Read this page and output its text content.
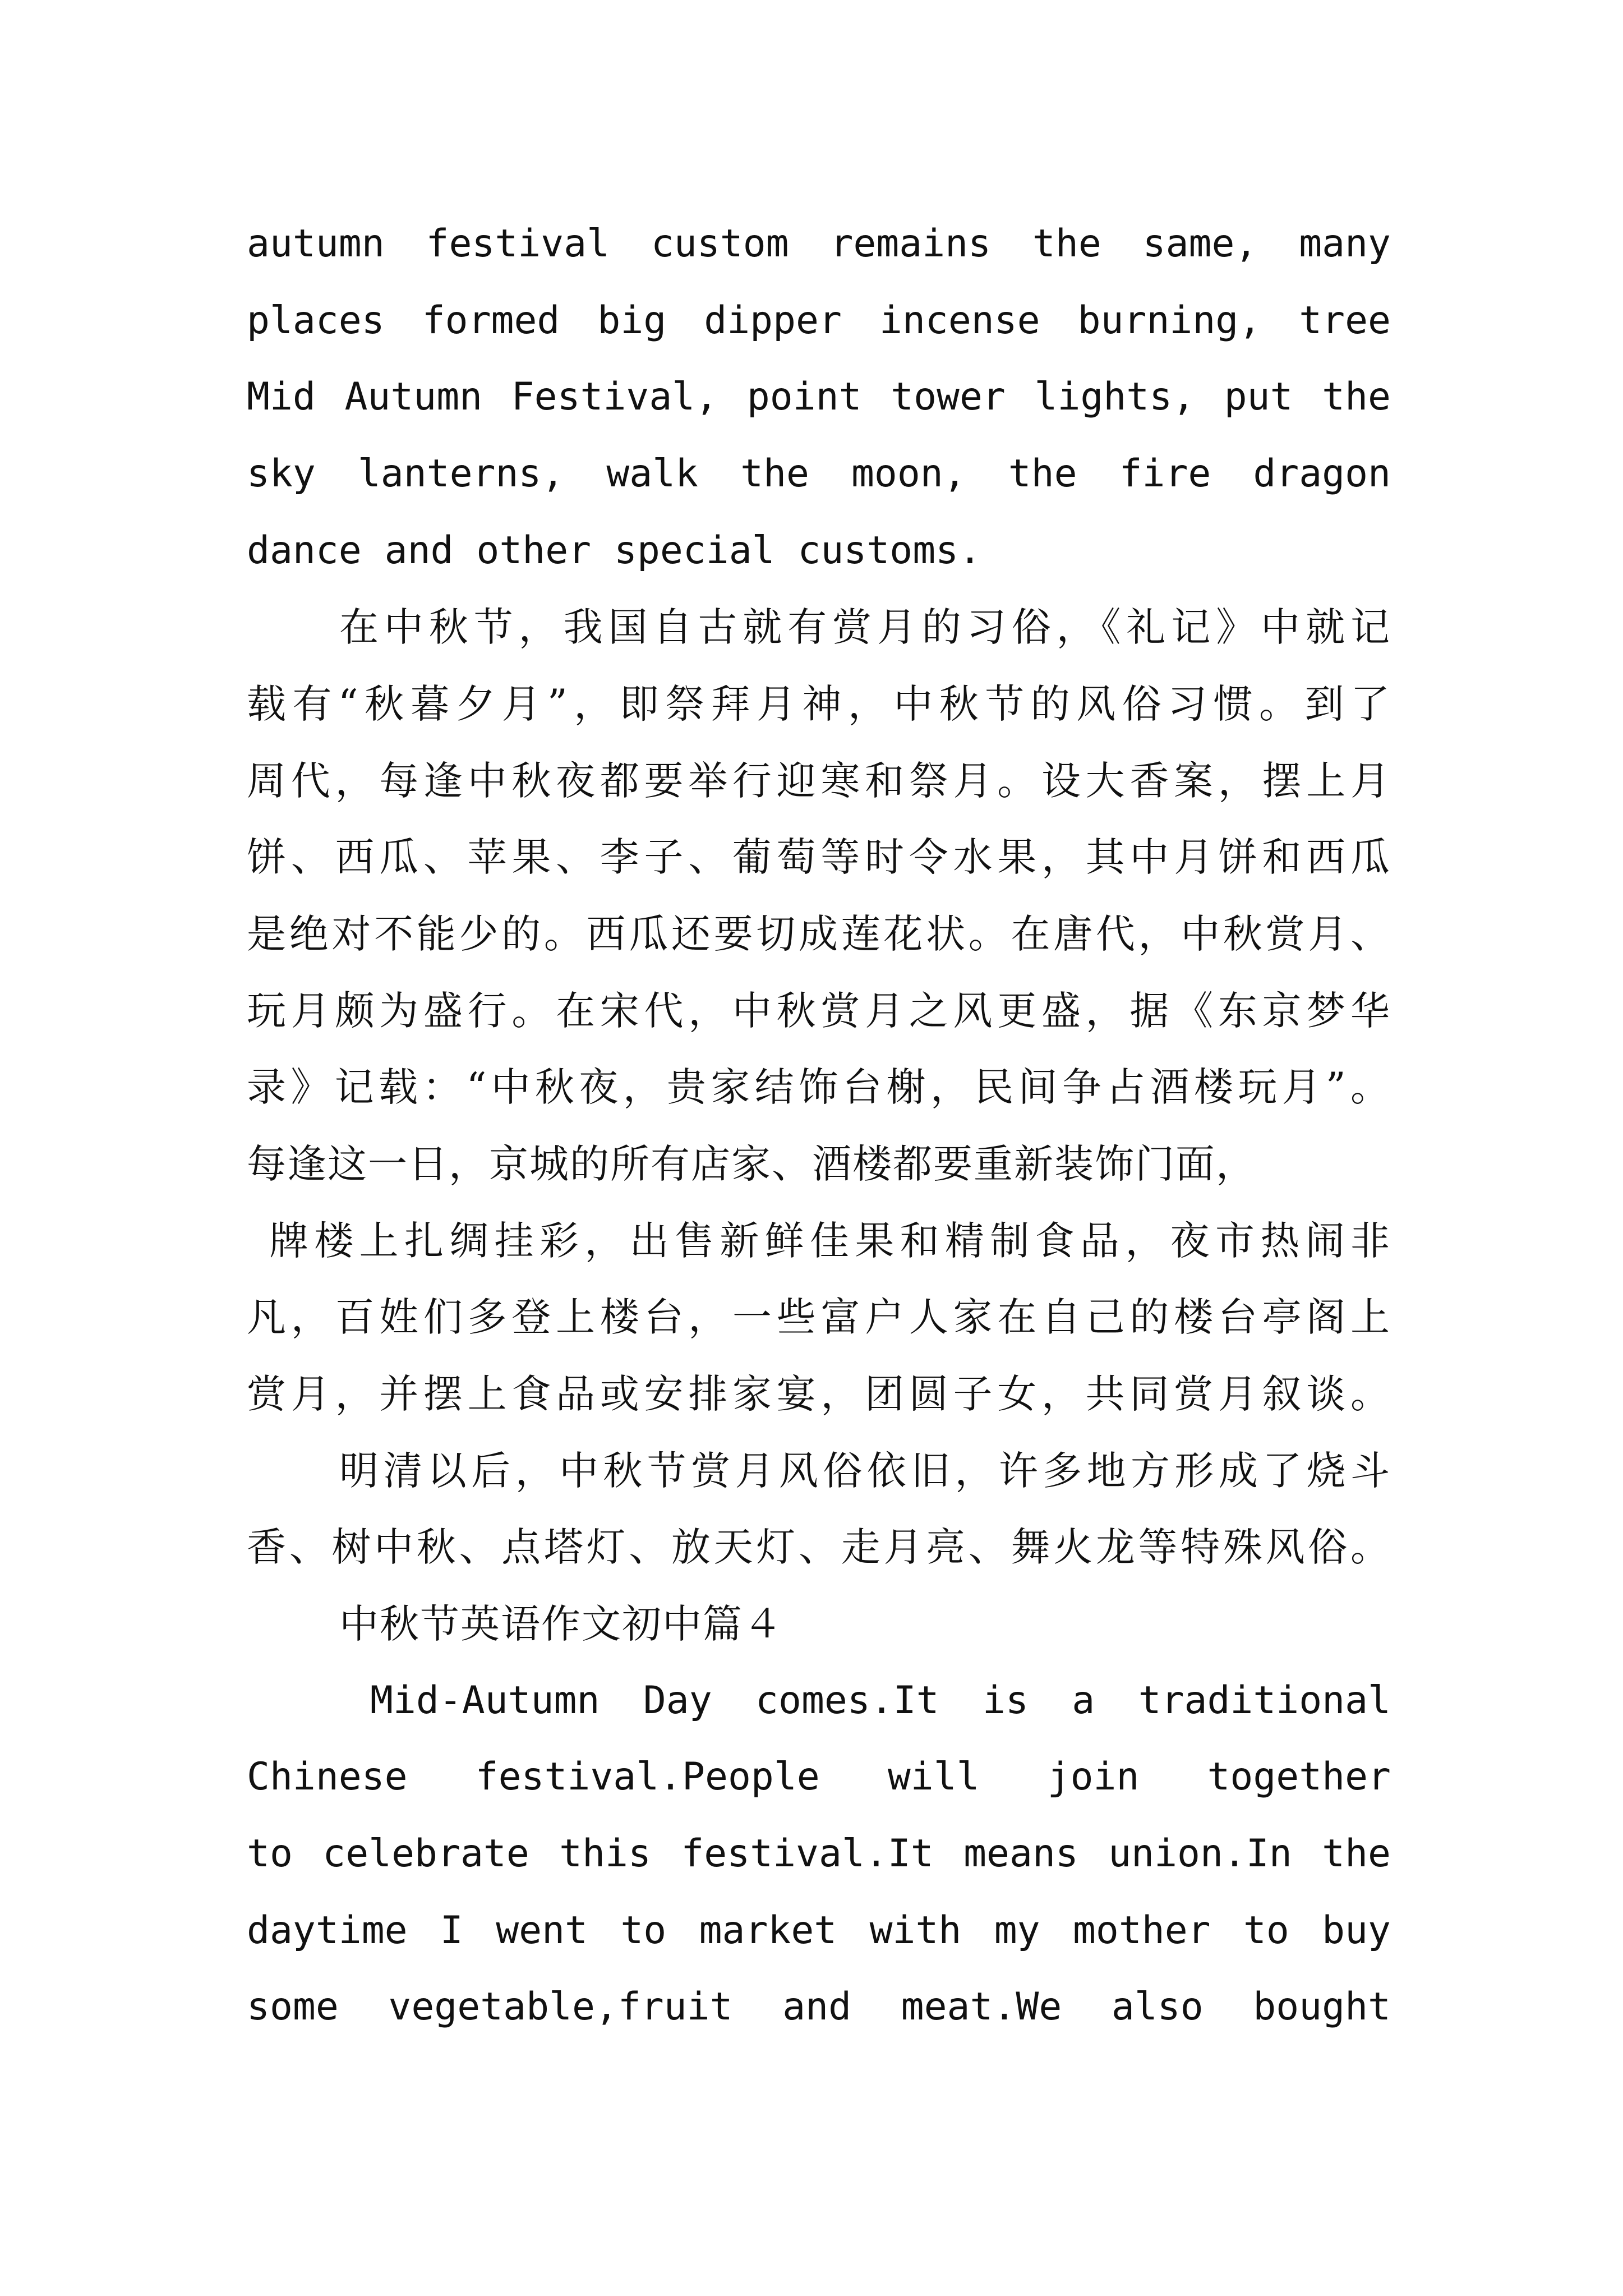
autumn festival custom remains the same, many
places formed big dipper incense burning, tree
Mid Autumn Festival, point tower lights, put the
sky lanterns, walk the moon, the fire dragon
dance and other special customs.
在中秋节，我国自古就有赏月的习俗，《礼记》中就记
载有“秋暮夕月”，即祭拜月神，中秋节的风俗习惯。到了
周代，每逢中秋夜都要举行迎寒和祭月。设大香案，摆上月
饼、西瓜、苹果、李子、葡萄等时令水果，其中月饼和西瓜
是绝对不能少的。西瓜还要切成莲花状。在唐代，中秋赏月、
玩月颇为盛行。在宋代，中秋赏月之风更盛，据《东京梦华
录》记载：“中秋夜，贵家结饰台榭，民间争占酒楼玩月”。
每逢这一日，京城的所有店家、酒楼都要重新装饰门面，
牌楼上扎绸挂彩，出售新鲜佳果和精制食品，夜市热闹非
凡，百姓们多登上楼台，一些富户人家在自己的楼台亭阁上
赏月，并摆上食品或安排家宴，团圆子女，共同赏月叙谈。
明清以后，中秋节赏月风俗依旧，许多地方形成了烧斗
香、树中秋、点塔灯、放天灯、走月亮、舞火龙等特殊风俗。
中秋节英语作文初中篇４
Mid-Autumn Day comes.It is a traditional
Chinese festival.People will join together
to celebrate this festival.It means union.In the
daytime I went to market with my mother to buy
some vegetable,fruit and meat.We also bought
